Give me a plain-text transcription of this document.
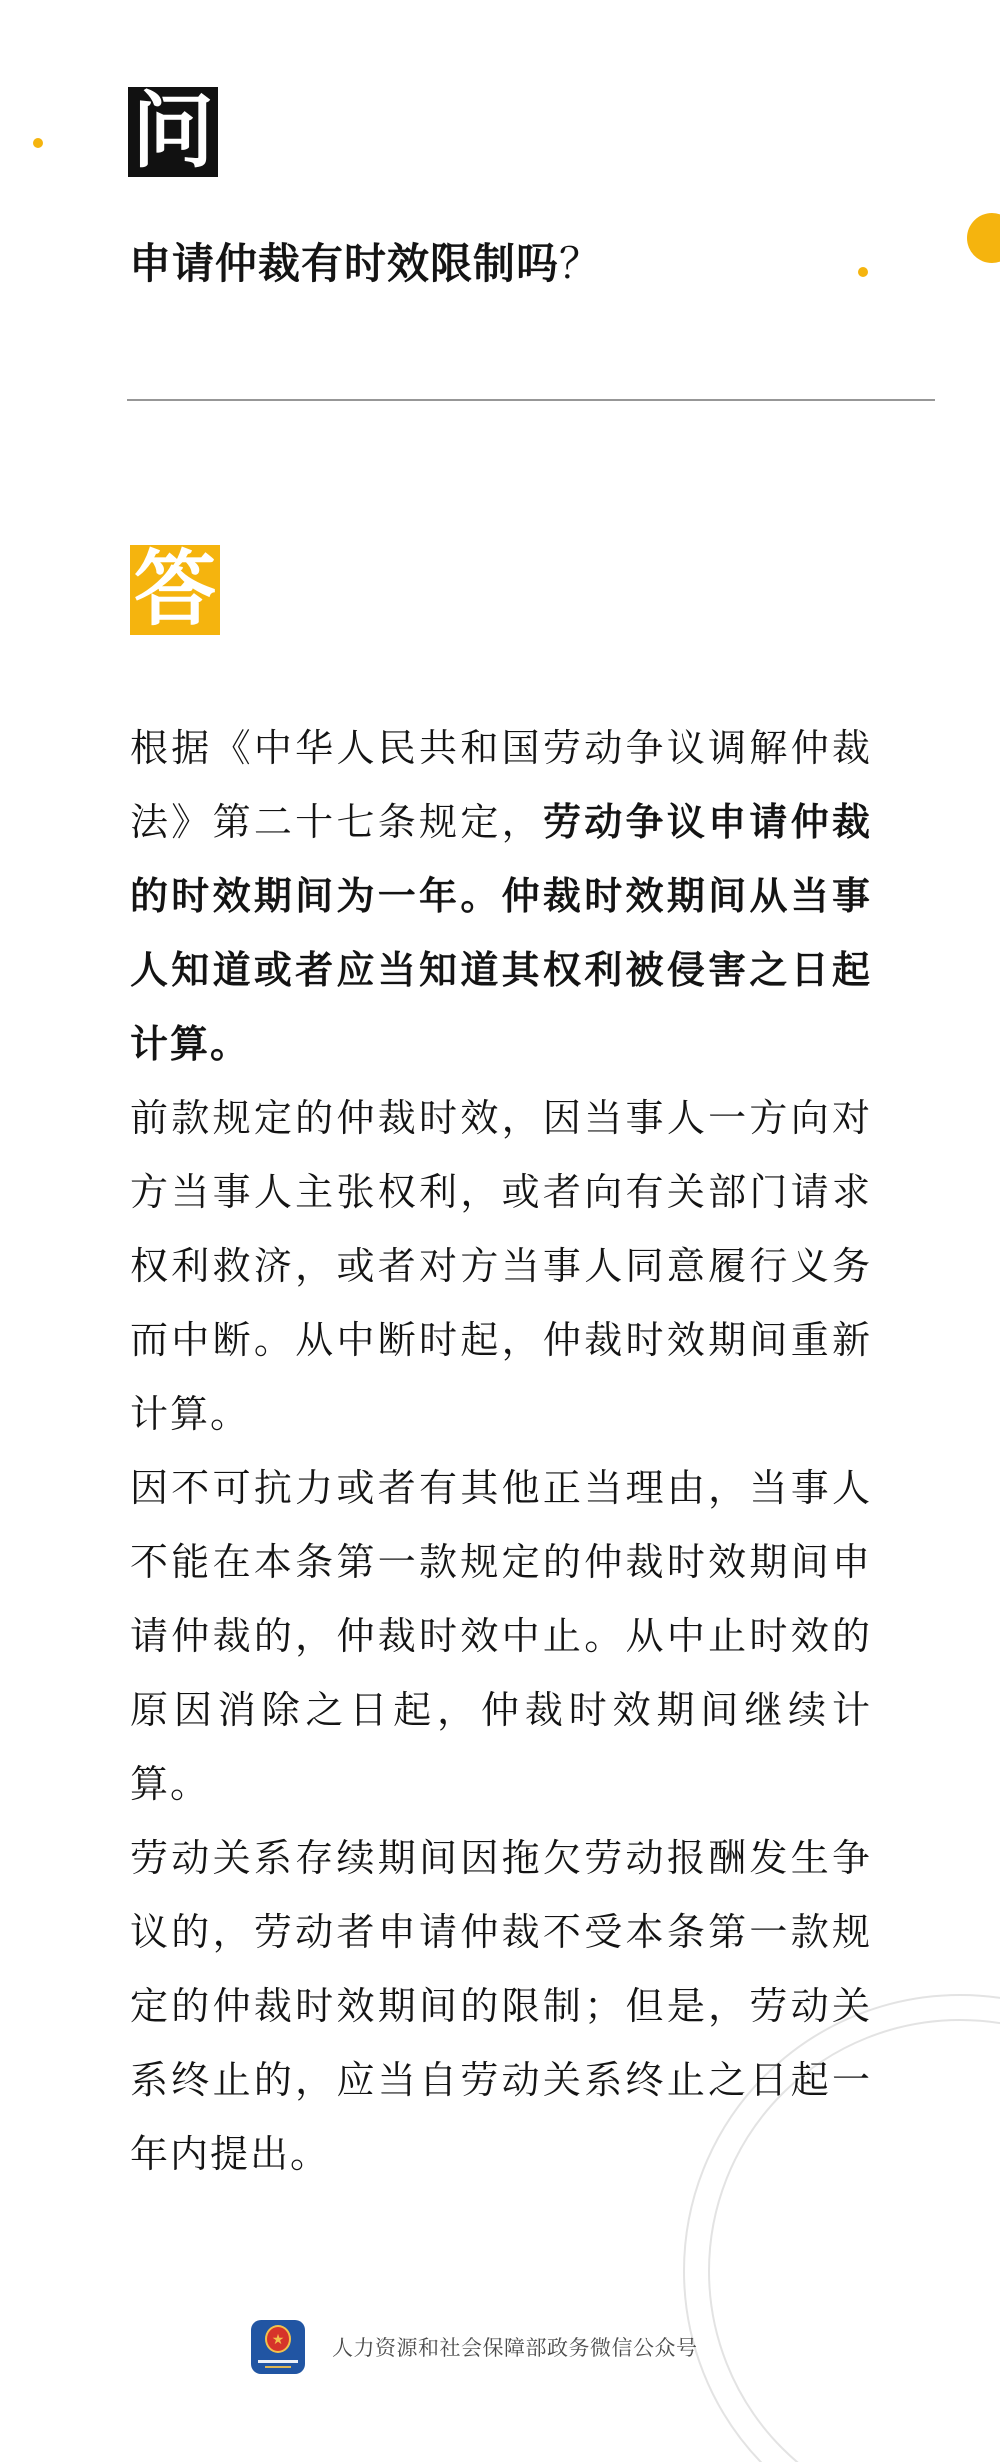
问
申请仲裁有时效限制吗？
答

根据《中华人民共和国劳动争议调解仲裁法》第二十七条规定，劳动争议申请仲裁的时效期间为一年。仲裁时效期间从当事人知道或者应当知道其权利被侵害之日起计算。

前款规定的仲裁时效，因当事人一方向对方当事人主张权利，或者向有关部门请求权利救济，或者对方当事人同意履行义务而中断。从中断时起，仲裁时效期间重新计算。

因不可抗力或者有其他正当理由，当事人不能在本条第一款规定的仲裁时效期间申请仲裁的，仲裁时效中止。从中止时效的原因消除之日起，仲裁时效期间继续计算。

劳动关系存续期间因拖欠劳动报酬发生争议的，劳动者申请仲裁不受本条第一款规定的仲裁时效期间的限制；但是，劳动关系终止的，应当自劳动关系终止之日起一年内提出。

★ 人力资源和社会保障部政务微信公众号
